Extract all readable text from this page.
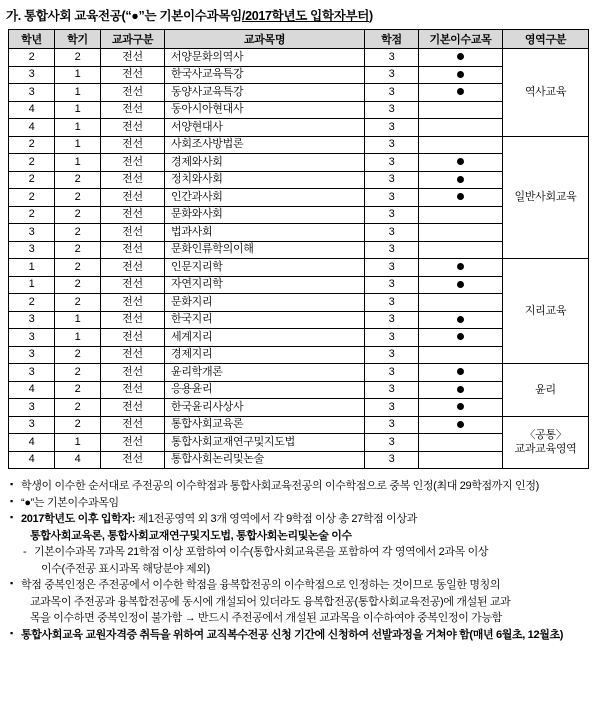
가. 통합사회 교육전공(“●”는 기본이수과목임/2017학년도 입학자부터)
학년	학기	교과구분	교과목명	학점	기본이수교목	영역구분
2	2	전선	서양문화의역사	3		역사교육

3	1	전선	한국사교육특강	3		
3	1	전선	동양사교육특강	3		
4	1	전선	동아시아현대사	3		
4	1	전선	서양현대사	3		
2	1	전선	사회조사방법론	3		일반사회교육

2	1	전선	경제와사회	3		
2	2	전선	정치와사회	3		
2	2	전선	인간과사회	3		
2	2	전선	문화와사회	3		
3	2	전선	법과사회	3		
3	2	전선	문화인류학의이해	3		
1	2	전선	인문지리학	3		지리교육

1	2	전선	자연지리학	3		
2	2	전선	문화지리	3		
3	1	전선	한국지리	3		
3	1	전선	세계지리	3		
3	2	전선	경제지리	3		
3	2	전선	윤리학개론	3		윤리

4	2	전선	응용윤리	3		
3	2	전선	한국윤리사상사	3		
3	2	전선	통합사회교육론	3		〈공통〉
교과교육영역

4	1	전선	통합사회교재연구및지도법	3		
4	4	전선	통합사회논리및논술	3		
▪ 학생이 이수한 순서대로 주전공의 이수학점과 통합사회교육전공의 이수학점으로 중복 인정(최대 29학점까지 인정)
▪ “●”는 기본이수과목임
▪ 2017학년도 이후 입학자: 제1전공영역 외 3개 영역에서 각 9학점 이상 총 27학점 이상과
통합사회교육론, 통합사회교재연구및지도법, 통합사회논리및논술 이수
- 기본이수과목 7과목 21학점 이상 포함하여 이수(통합사회교육론을 포함하여 각 영역에서 2과목 이상
이수(주전공 표시과목 해당분야 제외)
▪ 학점 중복인정은 주전공에서 이수한 학점을 융복합전공의 이수학점으로 인정하는 것이므로 동일한 명칭의
교과목이 주전공과 융복합전공에 동시에 개설되어 있더라도 융복합전공(통합사회교육전공)에 개설된 교과
목을 이수하면 중복인정이 불가함 → 반드시 주전공에서 개설된 교과목을 이수하여야 중복인정이 가능함
▪ 통합사회교육 교원자격증 취득을 위하여 교직복수전공 신청 기간에 신청하여 선발과정을 거쳐야 함(매년 6월초, 12월초)
